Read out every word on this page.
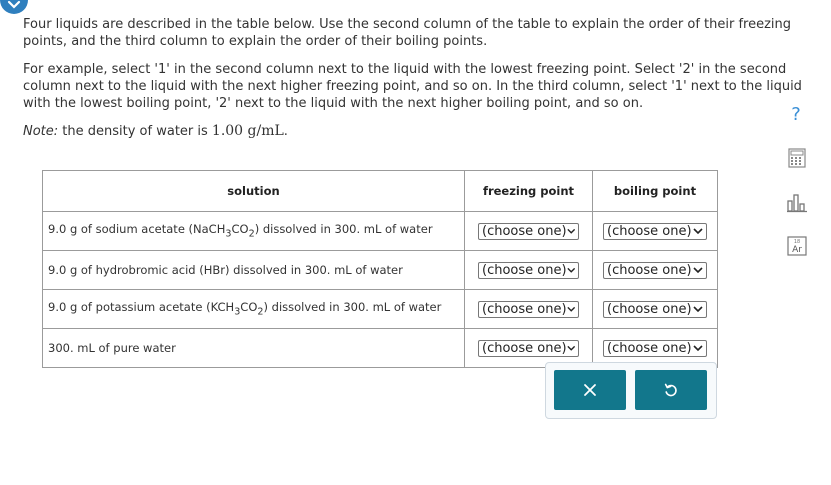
Four liquids are described in the table below. Use the second column of the table to explain the order of their freezing points, and the third column to explain the order of their boiling points.

For example, select '1' in the second column next to the liquid with the lowest freezing point. Select '2' in the second column next to the liquid with the next higher freezing point, and so on. In the third column, select '1' next to the liquid with the lowest boiling point, '2' next to the liquid with the next higher boiling point, and so on.

Note: the density of water is 1.00 g/mL.

?
18
Ar
solution	freezing point	boiling point
9.0 g of sodium acetate $(NaCH_3CO_2)$ dissolved in 300. mL of water	(choose one)	(choose one)

9.0 g of hydrobromic acid (HBr) dissolved in 300. mL of water	(choose one)	(choose one)

9.0 g of potassium acetate $(KCH_3CO_2)$ dissolved in 300. mL of water	(choose one)	(choose one)

300. mL of pure water	(choose one)	(choose one)
